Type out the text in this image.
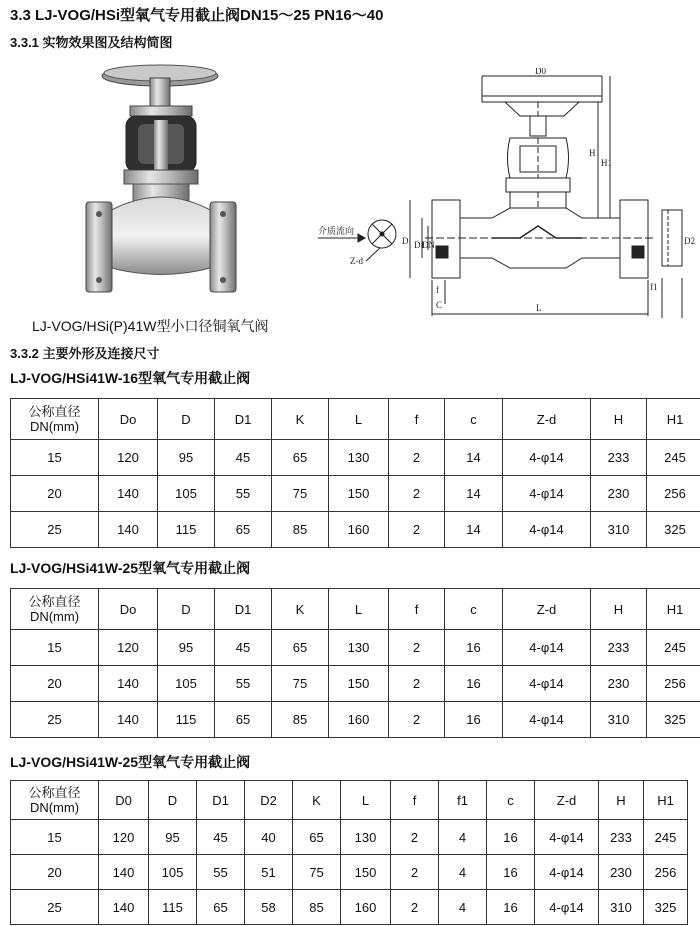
3.3 LJ-VOG/HSi型氧气专用截止阀DN15～25 PN16～40
3.3.1 实物效果图及结构简图
LJ-VOG/HSi(P)41W型小口径铜氧气阀
D0
H
H1
D D1
DN
介质流向
Z-d
D2
f1
L
f
C
3.3.2 主要外形及连接尺寸
LJ-VOG/HSi41W-16型氧气专用截止阀
公称直径
DN(mm)	Do	D	D1	K	L	f	c	Z-d	H	H1
15	120	95	45	65	130	2	14	4-φ14	233	245
20	140	105	55	75	150	2	14	4-φ14	230	256
25	140	115	65	85	160	2	14	4-φ14	310	325
LJ-VOG/HSi41W-25型氧气专用截止阀
公称直径
DN(mm)	Do	D	D1	K	L	f	c	Z-d	H	H1
15	120	95	45	65	130	2	16	4-φ14	233	245
20	140	105	55	75	150	2	16	4-φ14	230	256
25	140	115	65	85	160	2	16	4-φ14	310	325
LJ-VOG/HSi41W-25型氧气专用截止阀
公称直径
DN(mm)	D0	D	D1	D2	K	L	f	f1	c	Z-d	H	H1
15	120	95	45	40	65	130	2	4	16	4-φ14	233	245
20	140	105	55	51	75	150	2	4	16	4-φ14	230	256
25	140	115	65	58	85	160	2	4	16	4-φ14	310	325
